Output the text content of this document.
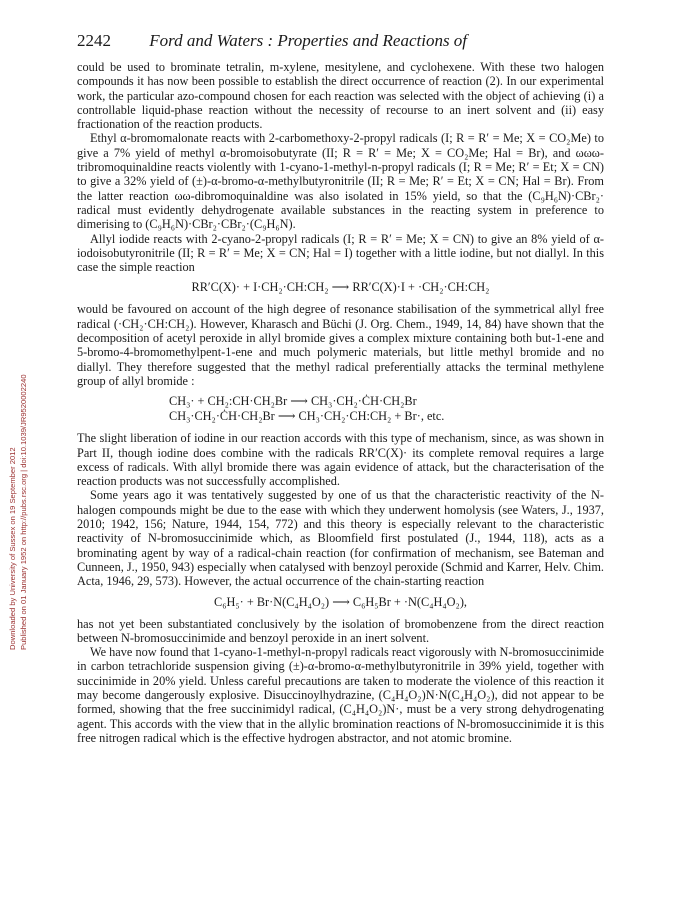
2242 Ford and Waters : Properties and Reactions of
Downloaded by University of Sussex on 19 September 2012 Published on 01 January 1952 on http://pubs.rsc.org | doi:10.1039/JR9520002240

could be used to brominate tetralin, m-xylene, mesitylene, and cyclohexene. With these two halogen compounds it has now been possible to establish the direct occurrence of reaction (2). In our experimental work, the particular azo-compound chosen for each reaction was selected with the object of achieving (i) a controllable liquid-phase reaction without the necessity of recourse to an inert solvent and (ii) easy fractionation of the reaction products.

Ethyl α-bromomalonate reacts with 2-carbomethoxy-2-propyl radicals (I; R = R′ = Me; X = CO₂Me) to give a 7% yield of methyl α-bromoisobutyrate (II; R = R′ = Me; X = CO₂Me; Hal = Br), and ωωω-tribromoquinaldine reacts violently with 1-cyano-1-methyl-n-propyl radicals (I; R = Me; R′ = Et; X = CN) to give a 32% yield of (±)-α-bromo-α-methylbutyronitrile (II; R = Me; R′ = Et; X = CN; Hal = Br). From the latter reaction ωω-dibromoquinaldine was also isolated in 15% yield, so that the (C₉H₆N)·CBr₂· radical must evidently dehydrogenate available substances in the reacting system in preference to dimerising to (C₉H₆N)·CBr₂·CBr₂·(C₉H₆N).

Allyl iodide reacts with 2-cyano-2-propyl radicals (I; R = R′ = Me; X = CN) to give an 8% yield of α-iodoisobutyronitrile (II; R = R′ = Me; X = CN; Hal = I) together with a little iodine, but not diallyl. In this case the simple reaction

RR′C(X)· + I·CH₂·CH:CH₂ ⟶ RR′C(X)·I + ·CH₂·CH:CH₂

would be favoured on account of the high degree of resonance stabilisation of the symmetrical allyl free radical (·CH₂·CH:CH₂). However, Kharasch and Büchi (J. Org. Chem., 1949, 14, 84) have shown that the decomposition of acetyl peroxide in allyl bromide gives a complex mixture containing both but-1-ene and 5-bromo-4-bromomethylpent-1-ene and much polymeric materials, but little methyl bromide and no diallyl. They therefore suggested that the methyl radical preferentially attacks the terminal methylene group of allyl bromide :

CH₃· + CH₂:CH·CH₂Br ⟶ CH₃·CH₂·ĊH·CH₂Br
CH₃·CH₂·ĊH·CH₂Br ⟶ CH₃·CH₂·CH:CH₂ + Br·, etc.

The slight liberation of iodine in our reaction accords with this type of mechanism, since, as was shown in Part II, though iodine does combine with the radicals RR′C(X)· its complete removal requires a large excess of radicals. With allyl bromide there was again evidence of attack, but the characterisation of the reaction products was not successfully accomplished.

Some years ago it was tentatively suggested by one of us that the characteristic reactivity of the N-halogen compounds might be due to the ease with which they underwent homolysis (see Waters, J., 1937, 2010; 1942, 156; Nature, 1944, 154, 772) and this theory is especially relevant to the characteristic reactivity of N-bromosuccinimide which, as Bloomfield first postulated (J., 1944, 118), acts as a brominating agent by way of a radical-chain reaction (for confirmation of mechanism, see Bateman and Cunneen, J., 1950, 943) especially when catalysed with benzoyl peroxide (Schmid and Karrer, Helv. Chim. Acta, 1946, 29, 573). However, the actual occurrence of the chain-starting reaction

C₆H₅· + Br·N(C₄H₄O₂) ⟶ C₆H₅Br + ·N(C₄H₄O₂),

has not yet been substantiated conclusively by the isolation of bromobenzene from the direct reaction between N-bromosuccinimide and benzoyl peroxide in an inert solvent.

We have now found that 1-cyano-1-methyl-n-propyl radicals react vigorously with N-bromosuccinimide in carbon tetrachloride suspension giving (±)-α-bromo-α-methylbutyronitrile in 39% yield, together with succinimide in 20% yield. Unless careful precautions are taken to moderate the violence of this reaction it may become dangerously explosive. Disuccinoylhydrazine, (C₄H₄O₂)N·N(C₄H₄O₂), did not appear to be formed, showing that the free succinimidyl radical, (C₄H₄O₂)N·, must be a very strong dehydrogenating agent. This accords with the view that in the allylic bromination reactions of N-bromosuccinimide it is this free nitrogen radical which is the effective hydrogen abstractor, and not atomic bromine.
